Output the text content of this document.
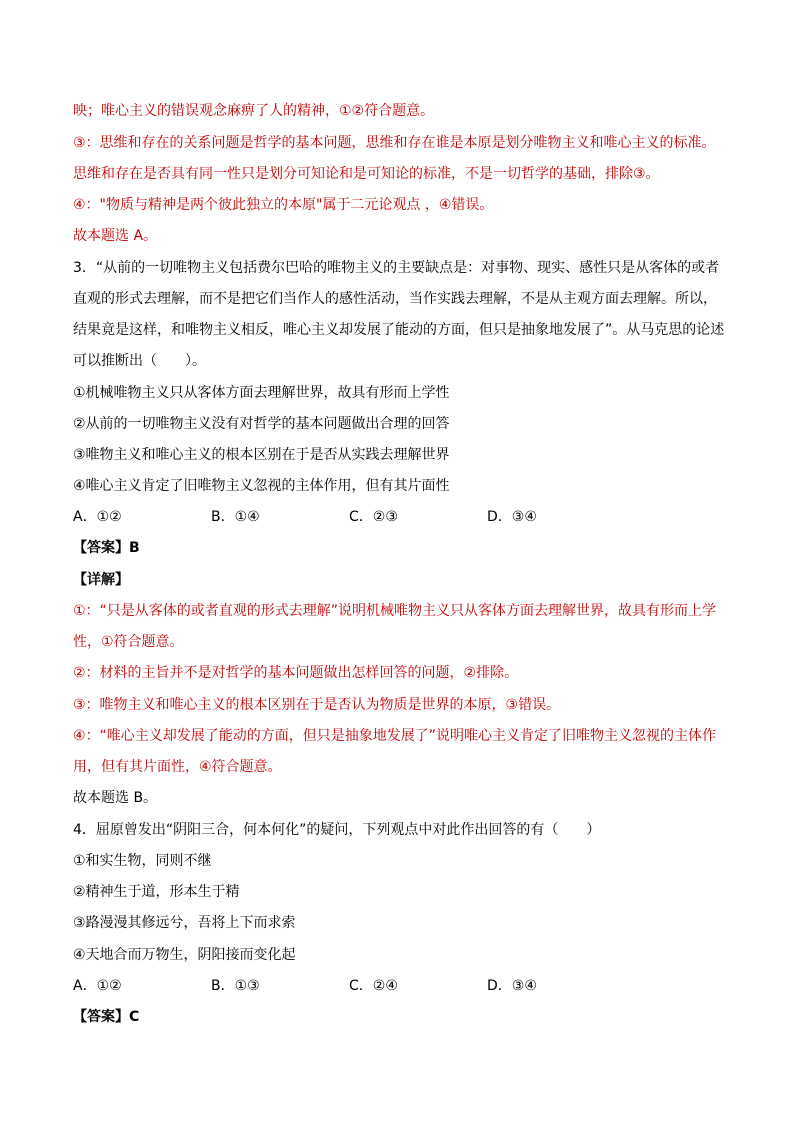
映；唯心主义的错误观念麻痹了人的精神，①②符合题意。
③：思维和存在的关系问题是哲学的基本问题，思维和存在谁是本原是划分唯物主义和唯心主义的标准。
思维和存在是否具有同一性只是划分可知论和是可知论的标准，不是一切哲学的基础，排除③。
④："物质与精神是两个彼此独立的本原"属于二元论观点 ，④错误。
故本题选 A。
3．“从前的一切唯物主义包括费尔巴哈的唯物主义的主要缺点是：对事物、现实、感性只是从客体的或者
直观的形式去理解，而不是把它们当作人的感性活动，当作实践去理解，不是从主观方面去理解。所以，
结果竟是这样，和唯物主义相反，唯心主义却发展了能动的方面，但只是抽象地发展了”。从马克思的论述
可以推断出（　　）。
①机械唯物主义只从客体方面去理解世界，故具有形而上学性
②从前的一切唯物主义没有对哲学的基本问题做出合理的回答
③唯物主义和唯心主义的根本区别在于是否从实践去理解世界
④唯心主义肯定了旧唯物主义忽视的主体作用，但有其片面性
A．①②	B．①④	C．②③	D．③④
【答案】B
【详解】
①：“只是从客体的或者直观的形式去理解”说明机械唯物主义只从客体方面去理解世界，故具有形而上学
性，①符合题意。
②：材料的主旨并不是对哲学的基本问题做出怎样回答的问题，②排除。
③：唯物主义和唯心主义的根本区别在于是否认为物质是世界的本原，③错误。
④：“唯心主义却发展了能动的方面，但只是抽象地发展了”说明唯心主义肯定了旧唯物主义忽视的主体作
用，但有其片面性，④符合题意。
故本题选 B。
4．屈原曾发出“阴阳三合，何本何化”的疑问，下列观点中对此作出回答的有（　　）
①和实生物，同则不继
②精神生于道，形本生于精
③路漫漫其修远兮，吾将上下而求索
④天地合而万物生，阴阳接而变化起
A．①②	B．①③	C．②④	D．③④
【答案】C
